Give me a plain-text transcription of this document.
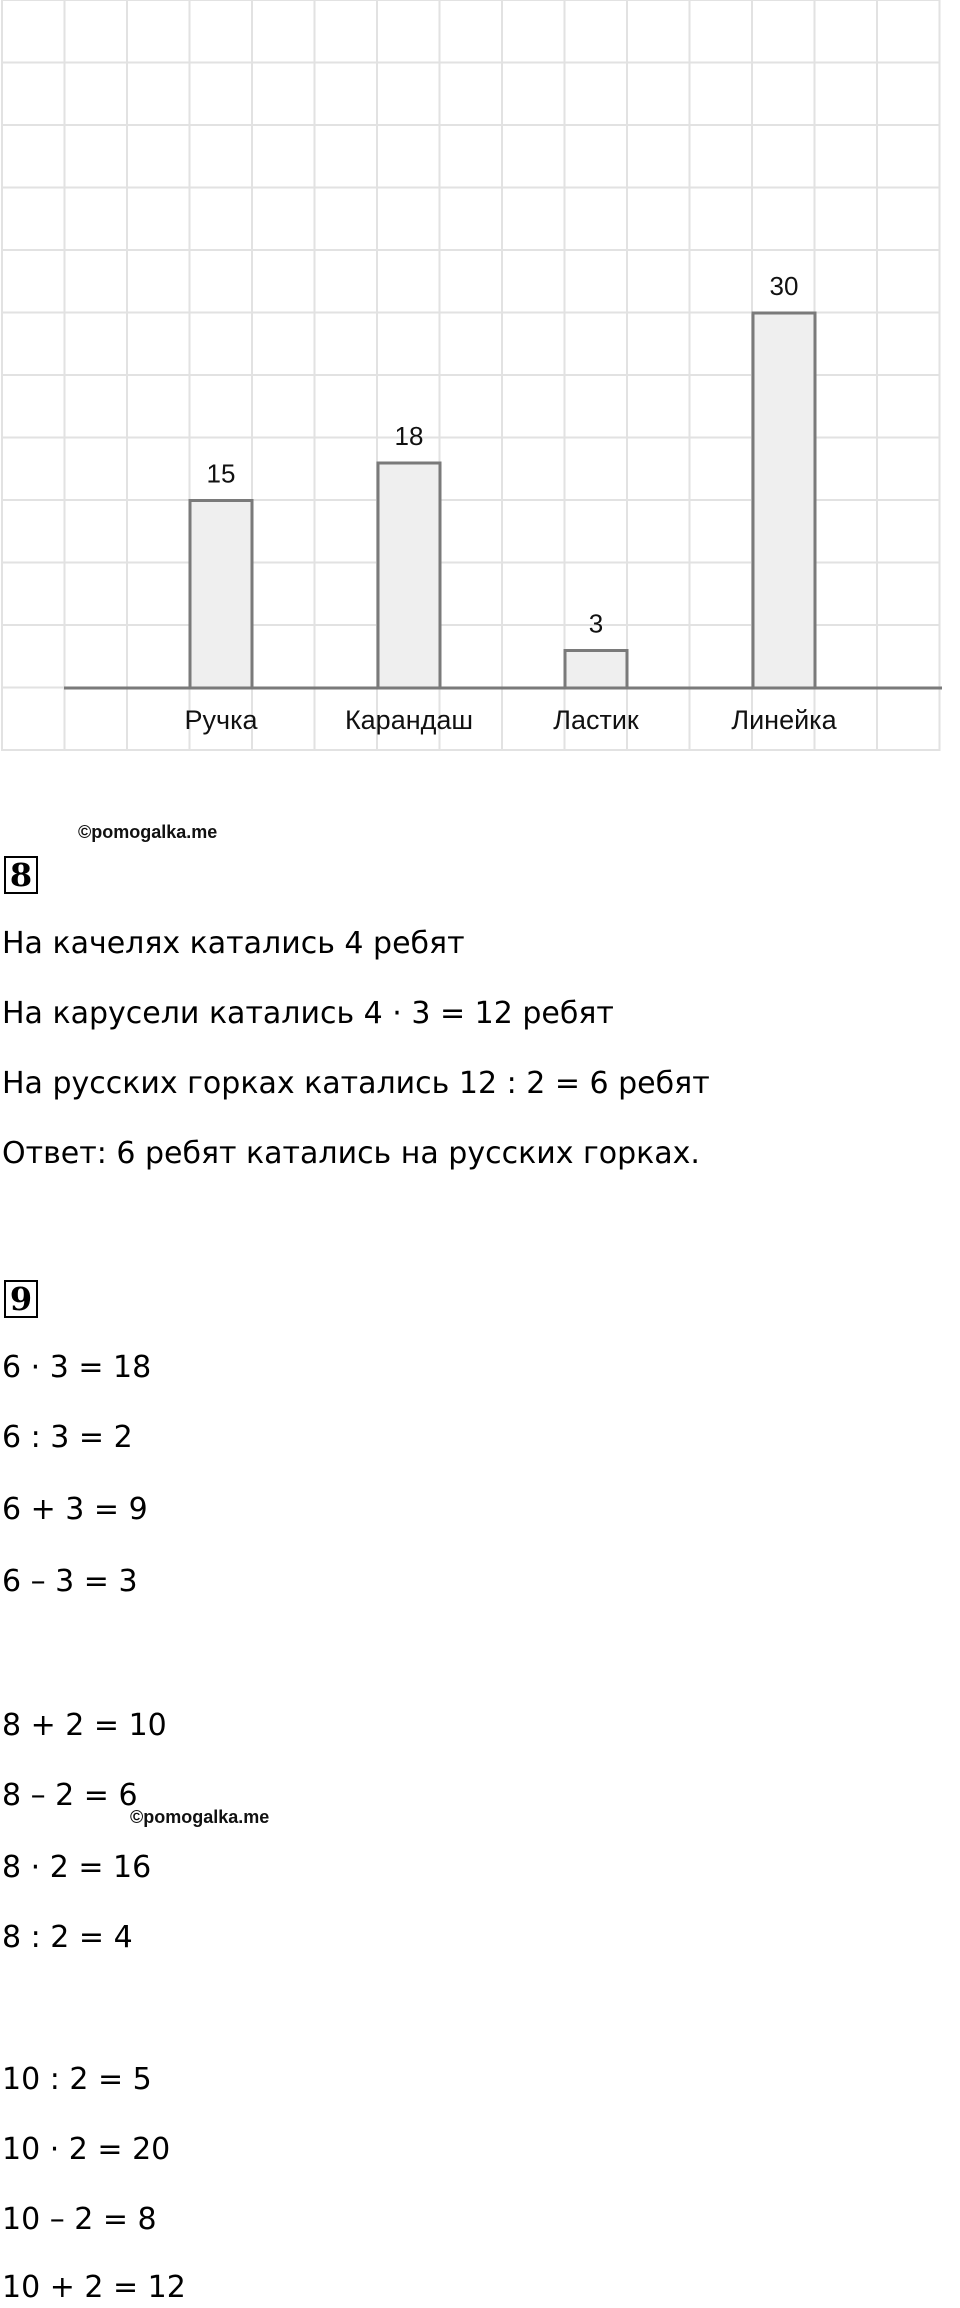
15
Ручка
18
Карандаш
3
Ластик
30
Линейка
©pomogalka.me
8
На качелях катались 4 ребят
На карусели катались 4 · 3 = 12 ребят
На русских горках катались 12 : 2 = 6 ребят
Ответ: 6 ребят катались на русских горках.
9
6 · 3 = 18
6 : 3 = 2
6 + 3 = 9
6 – 3 = 3
8 + 2 = 10
8 – 2 = 6
©pomogalka.me
8 · 2 = 16
8 : 2 = 4
10 : 2 = 5
10 · 2 = 20
10 – 2 = 8
10 + 2 = 12
